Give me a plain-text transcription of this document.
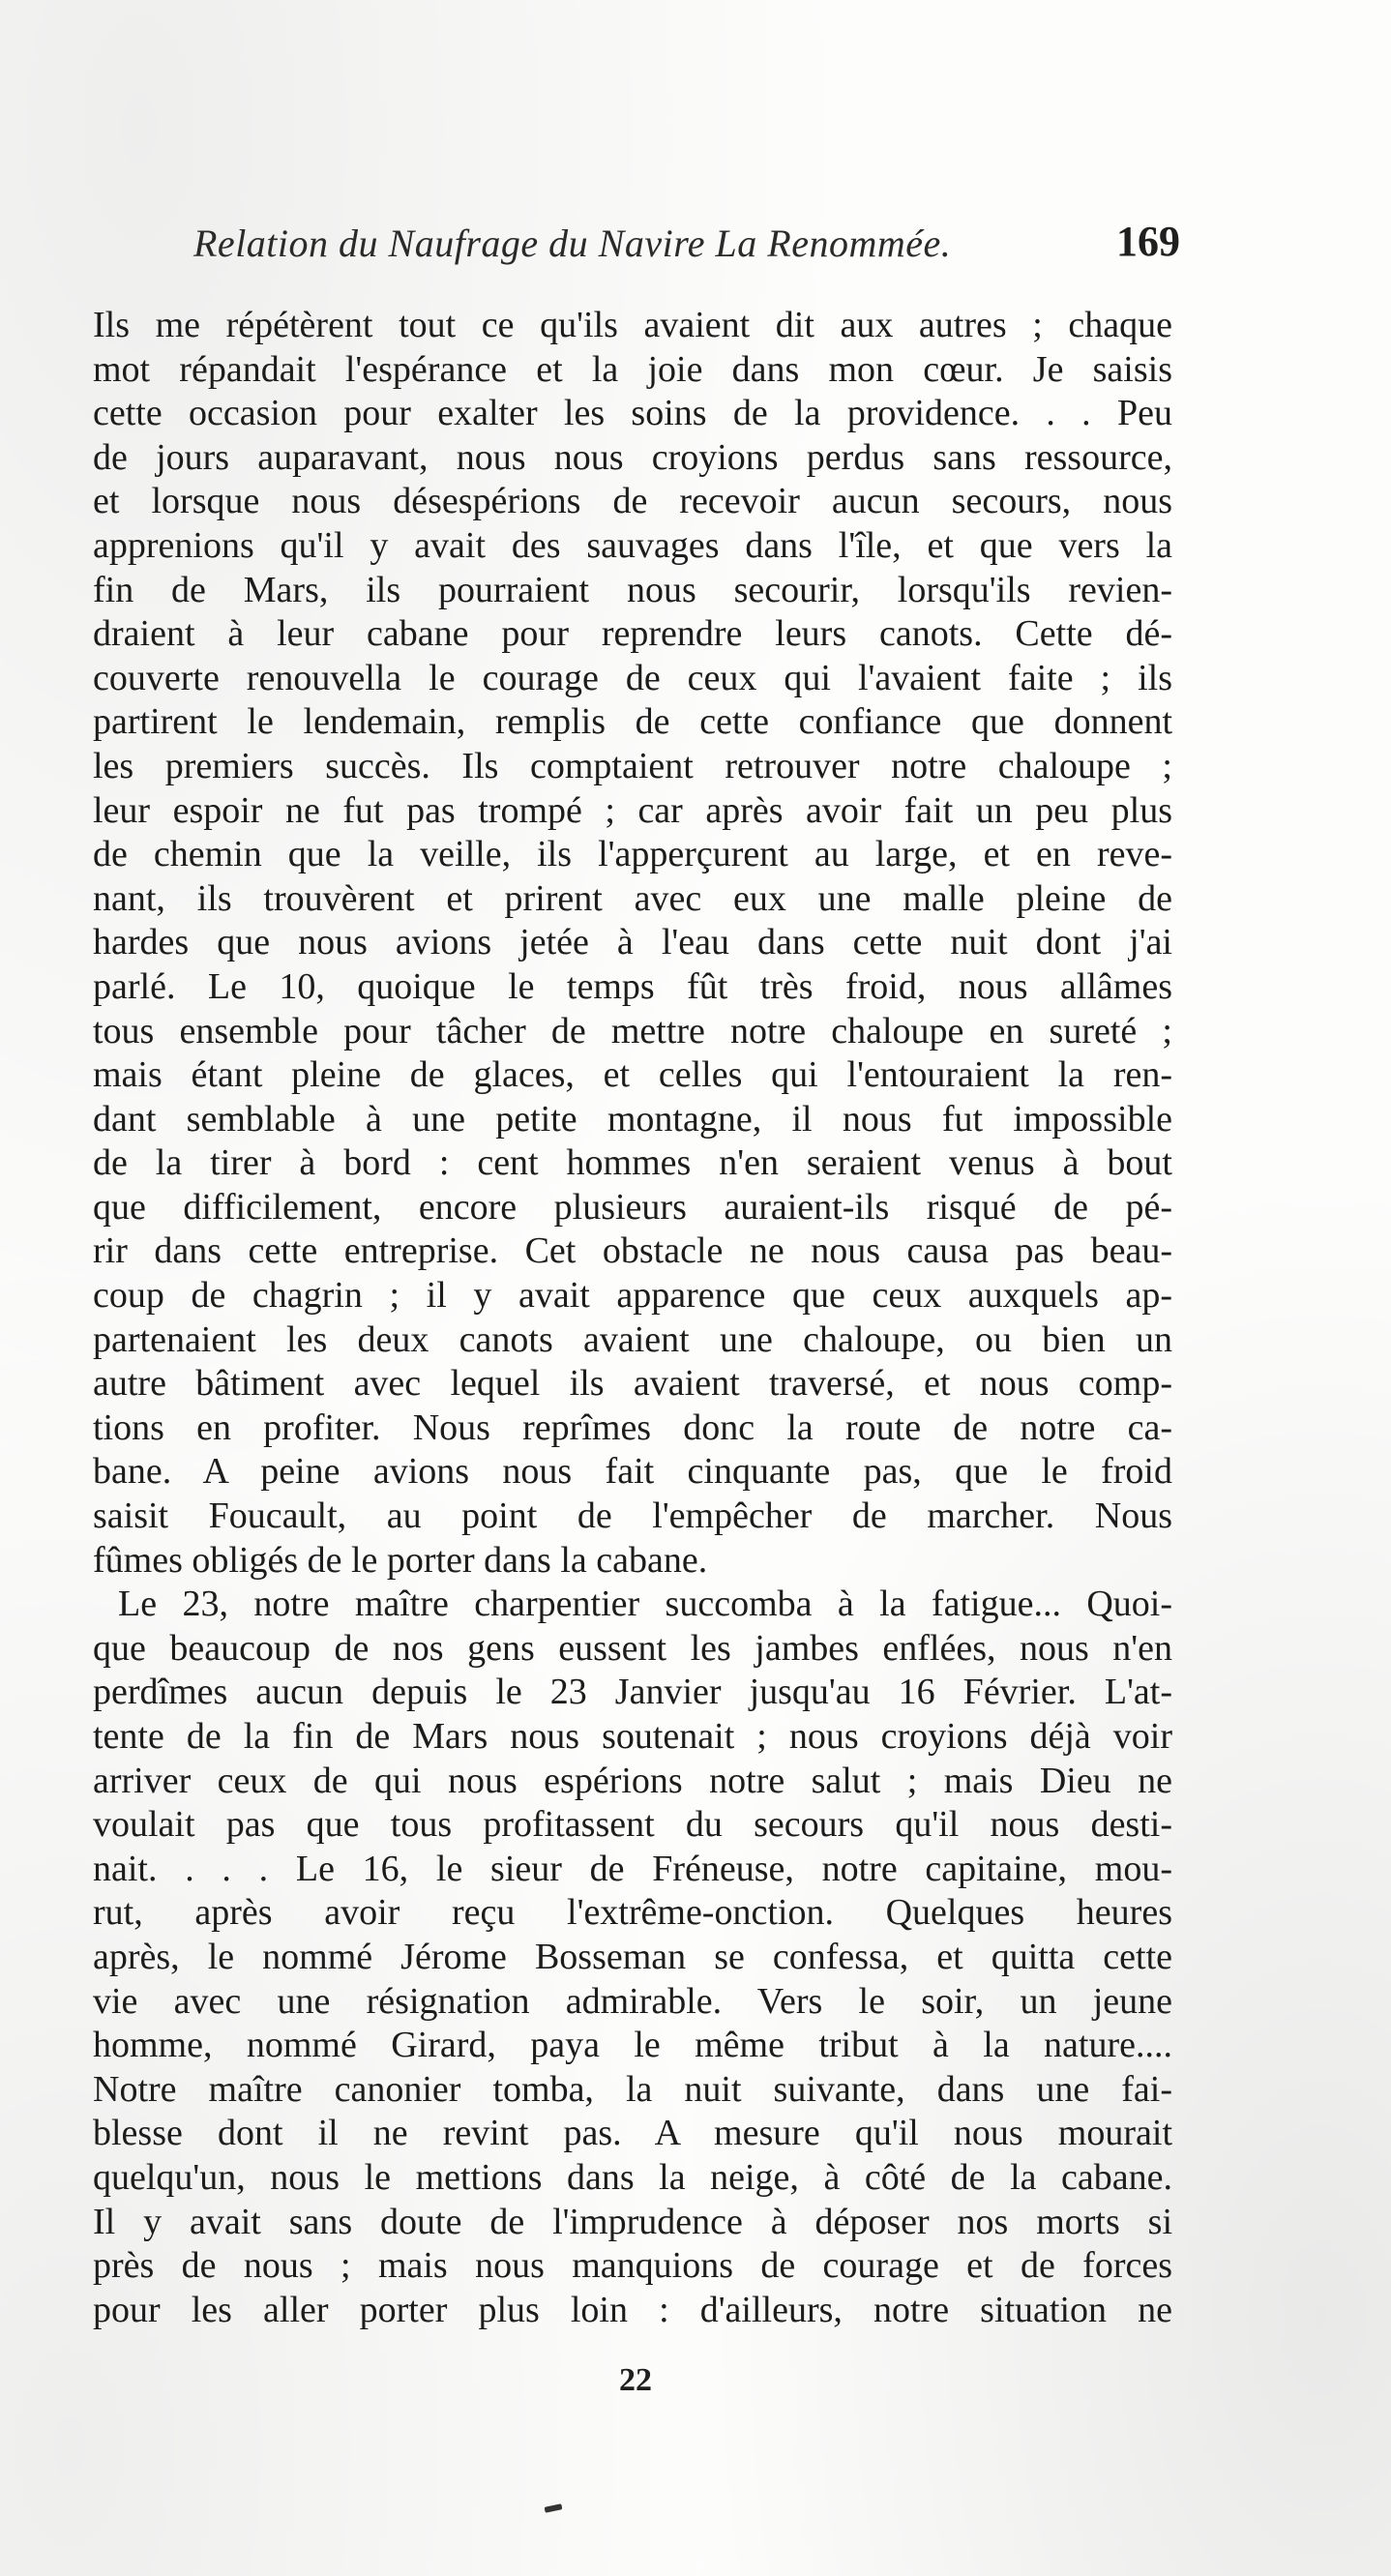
Relation du Naufrage du Navire La Renommée.	169
Ils me répétèrent tout ce qu'ils avaient dit aux autres ; chaque
mot répandait l'espérance et la joie dans mon cœur. Je saisis
cette occasion pour exalter les soins de la providence. . . Peu
de jours auparavant, nous nous croyions perdus sans ressource,
et lorsque nous désespérions de recevoir aucun secours, nous
apprenions qu'il y avait des sauvages dans l'île, et que vers la
fin de Mars, ils pourraient nous secourir, lorsqu'ils revien-
draient à leur cabane pour reprendre leurs canots. Cette dé-
couverte renouvella le courage de ceux qui l'avaient faite ; ils
partirent le lendemain, remplis de cette confiance que donnent
les premiers succès. Ils comptaient retrouver notre chaloupe ;
leur espoir ne fut pas trompé ; car après avoir fait un peu plus
de chemin que la veille, ils l'apperçurent au large, et en reve-
nant, ils trouvèrent et prirent avec eux une malle pleine de
hardes que nous avions jetée à l'eau dans cette nuit dont j'ai
parlé. Le 10, quoique le temps fût très froid, nous allâmes
tous ensemble pour tâcher de mettre notre chaloupe en sureté ;
mais étant pleine de glaces, et celles qui l'entouraient la ren-
dant semblable à une petite montagne, il nous fut impossible
de la tirer à bord : cent hommes n'en seraient venus à bout
que difficilement, encore plusieurs auraient-ils risqué de pé-
rir dans cette entreprise. Cet obstacle ne nous causa pas beau-
coup de chagrin ; il y avait apparence que ceux auxquels ap-
partenaient les deux canots avaient une chaloupe, ou bien un
autre bâtiment avec lequel ils avaient traversé, et nous comp-
tions en profiter. Nous reprîmes donc la route de notre ca-
bane. A peine avions nous fait cinquante pas, que le froid
saisit Foucault, au point de l'empêcher de marcher. Nous
fûmes obligés de le porter dans la cabane.
Le 23, notre maître charpentier succomba à la fatigue... Quoi-
que beaucoup de nos gens eussent les jambes enflées, nous n'en
perdîmes aucun depuis le 23 Janvier jusqu'au 16 Février. L'at-
tente de la fin de Mars nous soutenait ; nous croyions déjà voir
arriver ceux de qui nous espérions notre salut ; mais Dieu ne
voulait pas que tous profitassent du secours qu'il nous desti-
nait. . . . Le 16, le sieur de Fréneuse, notre capitaine, mou-
rut, après avoir reçu l'extrême-onction. Quelques heures
après, le nommé Jérome Bosseman se confessa, et quitta cette
vie avec une résignation admirable. Vers le soir, un jeune
homme, nommé Girard, paya le même tribut à la nature....
Notre maître canonier tomba, la nuit suivante, dans une fai-
blesse dont il ne revint pas. A mesure qu'il nous mourait
quelqu'un, nous le mettions dans la neige, à côté de la cabane.
Il y avait sans doute de l'imprudence à déposer nos morts si
près de nous ; mais nous manquions de courage et de forces
pour les aller porter plus loin : d'ailleurs, notre situation ne
22
